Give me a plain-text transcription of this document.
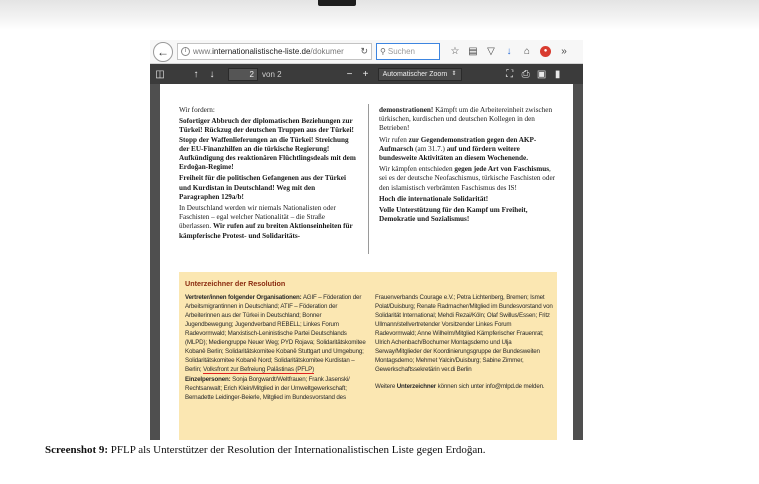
←	i www.internationalistische-liste.de/dokumer	↻ ⚲ Suchen	☆ ▤ ▽	↓	⌂	●	»
◫	↑	↓	2	von 2	−	+	Automatischer Zoom ⇕	⛶ ⎙ ▣ ▮

Wir fordern:

Sofortiger Abbruch der diplomatischen Beziehungen zur Türkei! Rückzug der deutschen Truppen aus der Türkei! Stopp der Waffenlieferungen an die Türkei! Streichung der EU-Finanzhilfen an die türkische Regierung! Aufkündigung des reaktionären Flüchtlingsdeals mit dem Erdoğan-Regime!

Freiheit für die politischen Gefangenen aus der Türkei und Kurdistan in Deutschland! Weg mit den Paragraphen 129a/b!

In Deutschland werden wir niemals Nationalisten oder Faschisten – egal welcher Nationalität – die Straße überlassen. Wir rufen auf zu breiten Aktionseinheiten für kämpferische Protest- und Solidaritäts-

demonstrationen! Kämpft um die Arbeitereinheit zwischen türkischen, kurdischen und deutschen Kollegen in den Betrieben!

Wir rufen zur Gegendemonstration gegen den AKP-Aufmarsch (am 31.7.) auf und fördern weitere bundesweite Aktivitäten an diesem Wochenende.

Wir kämpfen entschieden gegen jede Art von Faschismus, sei es der deutsche Neofaschismus, türkische Faschisten oder den islamistisch verbrämten Faschismus des IS!

Hoch die internationale Solidarität!

Volle Unterstützung für den Kampf um Freiheit, Demokratie und Sozialismus!

Unterzeichner der Resolution

Vertreter/innen folgender Organisationen: AGIF – Föderation der Arbeitsmigrantinnen in Deutschland; ATIF – Föderation der Arbeiterinnen aus der Türkei in Deutschland; Bonner Jugendbewegung; Jugendverband REBELL; Linkes Forum Radevormwald; Marxistisch-Leninistische Partei Deutschlands (MLPD); Mediengruppe Neuer Weg; PYD Rojava; Solidaritätskomitee Kobanê Berlin; Solidaritätskomitee Kobanê Stuttgart und Umgebung; Solidaritätskomitee Kobanê Nord; Solidaritätskomitee Kurdistan – Berlin; Volksfront zur Befreiung Palästinas (PFLP)

Einzelpersonen: Sonja Borgwardt/Weltfrauen; Frank Jasenski/ Rechtsanwalt; Erich Klein/Mitglied in der Umweltgewerkschaft; Bernadette Leidinger-Beierle, Mitglied im Bundesvorstand des

Frauenverbands Courage e.V.; Petra Lichtenberg, Bremen; Ismet Polat/Duisburg; Renate Radmacher/Mitglied im Bundesvorstand von Solidarität International; Mehdi Rezai/Köln; Olaf Swillus/Essen; Fritz Ullmann/stellvertretender Vorsitzender Linkes Forum Radevormwald; Anne Wilhelm/Mitglied Kämpferischer Frauenrat; Ulrich Achenbach/Bochumer Montagsdemo und Ulja Serway/Mitglieder der Koordinierungsgruppe der Bundesweiten Montagsdemo; Mehmet Yalcin/Duisburg; Sabine Zimmer, Gewerkschaftssekretärin ver.di Berlin

Weitere Unterzeichner können sich unter info@mlpd.de melden.

Screenshot 9: PFLP als Unterstützer der Resolution der Internationalistischen Liste gegen Erdoğan.
